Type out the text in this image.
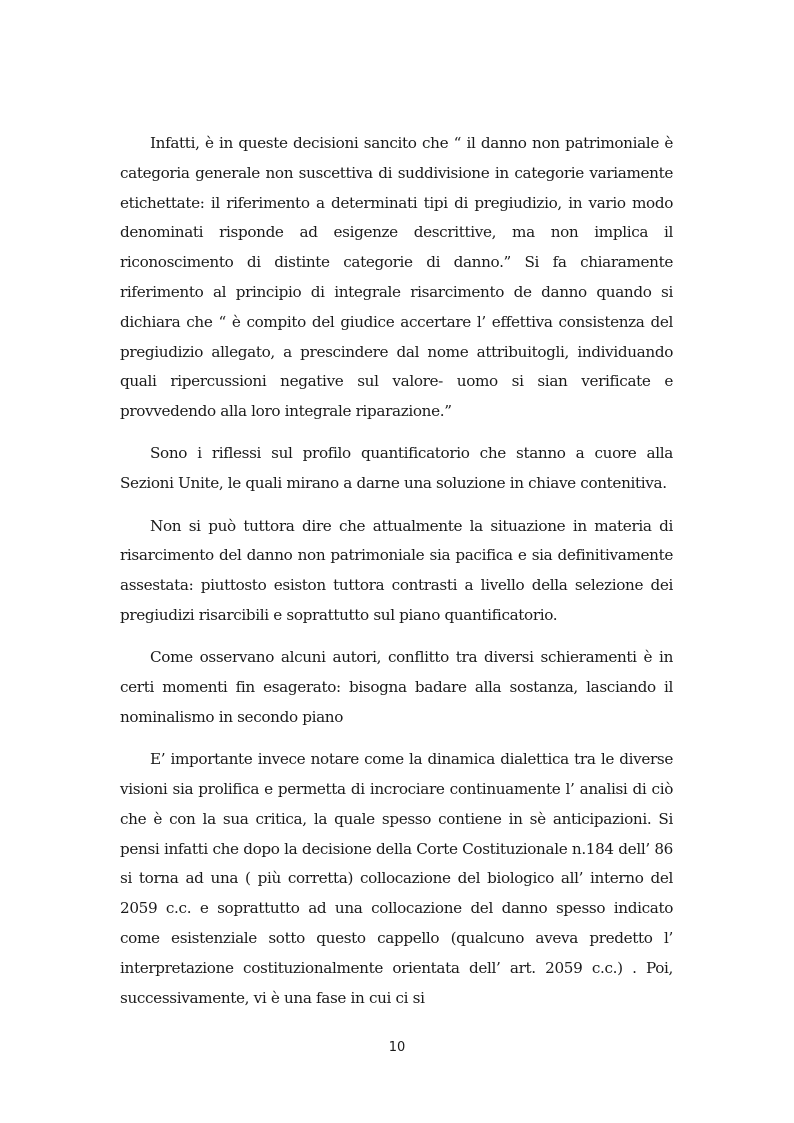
Infatti, è in queste decisioni sancito che “ il danno non patrimoniale è categoria generale non suscettiva di suddivisione in categorie variamente etichettate: il riferimento a determinati tipi di pregiudizio, in vario modo denominati risponde ad esigenze descrittive, ma non implica il riconoscimento di distinte categorie di danno.” Si fa chiaramente riferimento al principio di integrale risarcimento de danno quando si dichiara che “ è compito del giudice accertare l’ effettiva consistenza del pregiudizio allegato, a prescindere dal nome attribuitogli, individuando quali ripercussioni negative sul valore- uomo si sian verificate e provvedendo alla loro integrale riparazione.”

Sono i riflessi sul profilo quantificatorio che stanno a cuore alla Sezioni Unite, le quali mirano a darne una soluzione in chiave contenitiva.

Non si può tuttora dire che attualmente la situazione in materia di risarcimento del danno non patrimoniale sia pacifica e sia definitivamente assestata: piuttosto esiston tuttora contrasti a livello della selezione dei pregiudizi risarcibili e soprattutto sul piano quantificatorio.

Come osservano alcuni autori, conflitto tra diversi schieramenti è in certi momenti fin esagerato: bisogna badare alla sostanza, lasciando il nominalismo in secondo piano

E’ importante invece notare come la dinamica dialettica tra le diverse visioni sia prolifica e permetta di incrociare continuamente l’ analisi di ciò che è con la sua critica, la quale spesso contiene in sè anticipazioni. Si pensi infatti che dopo la decisione della Corte Costituzionale n.184 dell’ 86 si torna ad una ( più corretta) collocazione del biologico all’ interno del 2059 c.c. e soprattutto ad una collocazione del danno spesso indicato come esistenziale sotto questo cappello (qualcuno aveva predetto l’ interpretazione costituzionalmente orientata dell’ art. 2059 c.c.) . Poi, successivamente, vi è una fase in cui ci si

10
